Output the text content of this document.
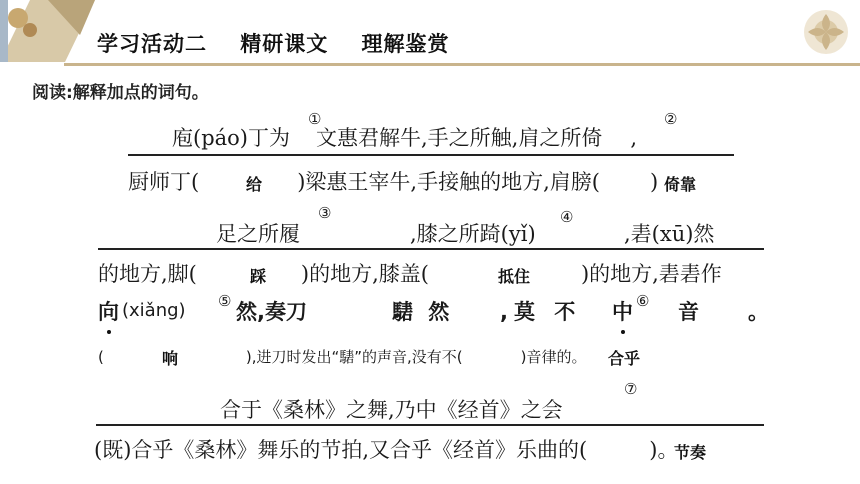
学习活动二    精研课文    理解鉴赏
阅读:解释加点的词句。
庖(páo)丁为 文惠君解牛,手之所触,肩之所倚 ,
①	②
厨师丁(	)梁惠王宰牛,手接触的地方,肩膀( )
给	倚靠
足之所履
③
,膝之所踦(yǐ)
④
,砉(xū)然
的地方,脚(	)的地方,膝盖(	)的地方,砉砉作
踩	抵住
向 (xiǎng) ⑤ 然,奏刀	騞 然 ,莫 不 中 ⑥ 音 。
(	),进刀时发出“騞”的声音,没有不(	)音律的。
响	合乎
合于《桑林》之舞,乃中《经首》之会
⑦
(既)合乎《桑林》舞乐的节拍,又合乎《经首》乐曲的(	)。
节奏
